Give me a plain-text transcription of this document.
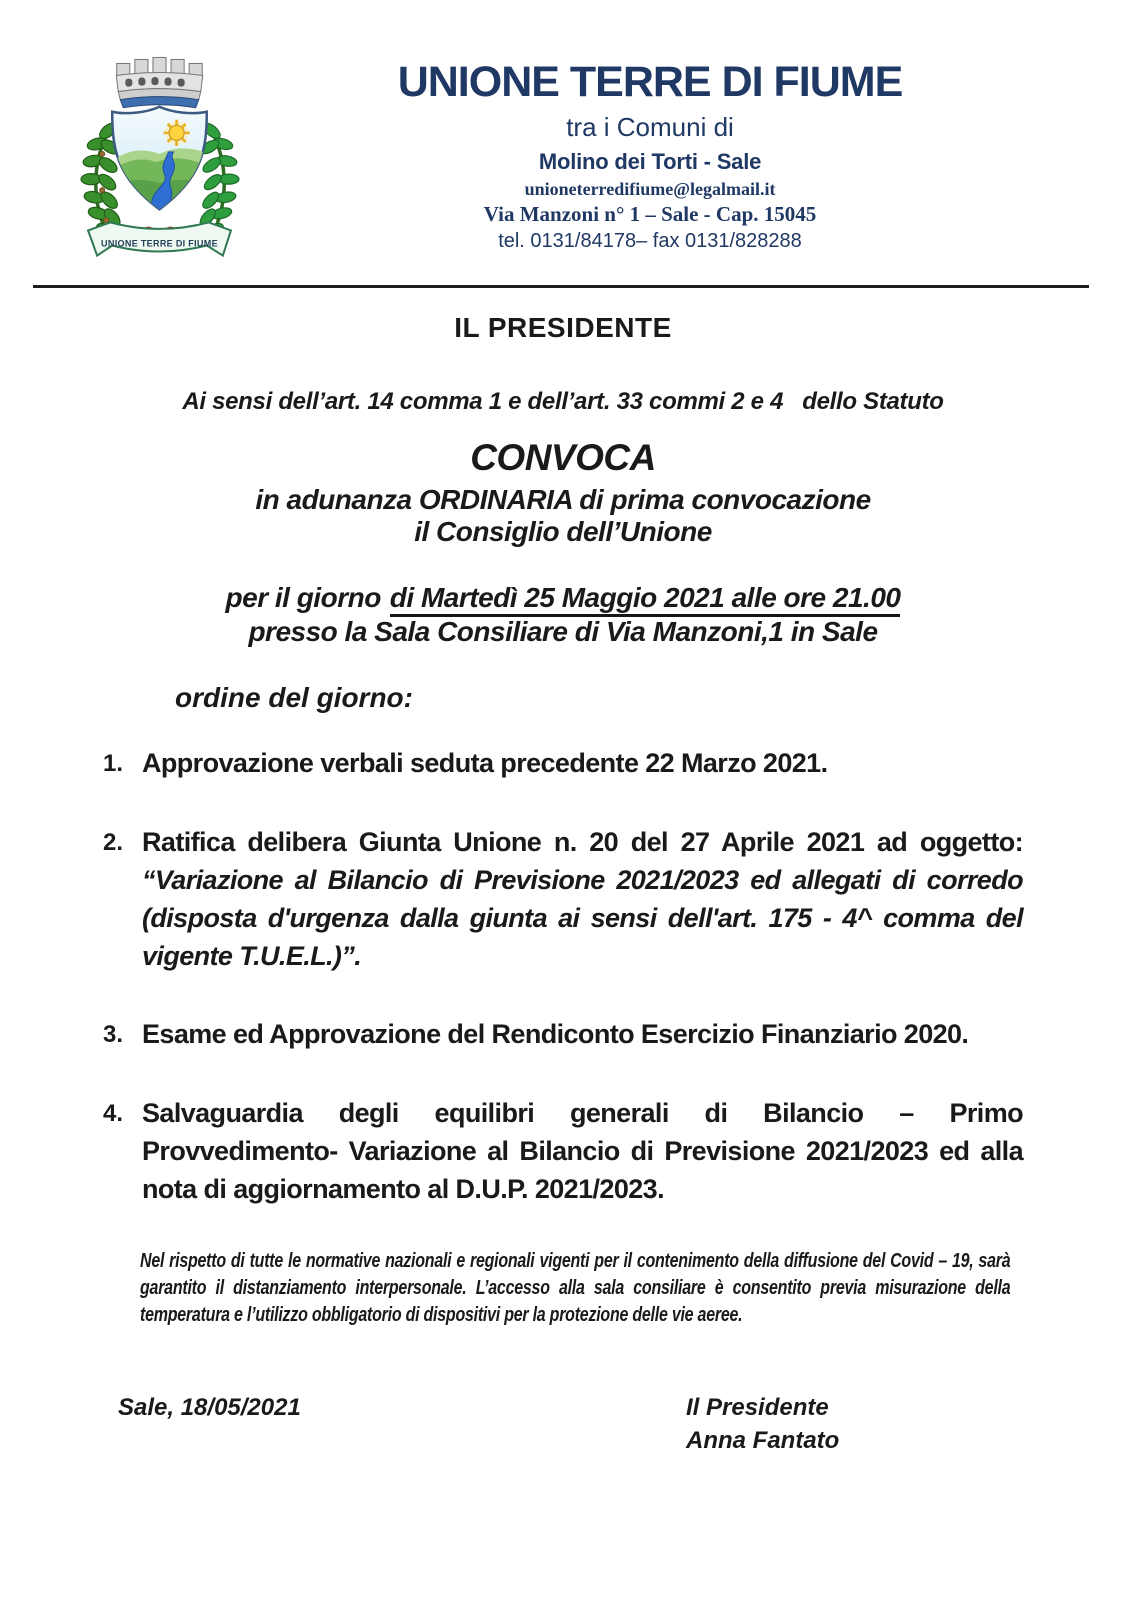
UNIONE TERRE DI FIUME
UNIONE TERRE DI FIUME
tra i Comuni di
Molino dei Torti - Sale
unioneterredifiume@legalmail.it
Via Manzoni n° 1 – Sale - Cap. 15045
tel. 0131/84178– fax 0131/828288
IL PRESIDENTE
Ai sensi dell’art. 14 comma 1 e dell’art. 33 commi 2 e 4   dello Statuto
CONVOCA
in adunanza ORDINARIA di prima convocazione
il Consiglio dell’Unione
per il giorno di Martedì 25 Maggio 2021 alle ore 21.00
presso la Sala Consiliare di Via Manzoni,1 in Sale
ordine del giorno:
1. Approvazione verbali seduta precedente 22 Marzo 2021.
2. Ratifica delibera Giunta Unione n. 20 del 27 Aprile 2021 ad oggetto: “Variazione al Bilancio di Previsione 2021/2023 ed allegati di corredo (disposta d'urgenza dalla giunta ai sensi dell'art. 175 - 4^ comma del vigente T.U.E.L.)”.
3. Esame ed Approvazione del Rendiconto Esercizio Finanziario 2020.
4. Salvaguardia degli equilibri generali di Bilancio – Primo Provvedimento- Variazione al Bilancio di Previsione 2021/2023 ed alla nota di aggiornamento al D.U.P. 2021/2023.
Nel rispetto di tutte le normative nazionali e regionali vigenti per il contenimento della diffusione del Covid – 19, sarà garantito il distanziamento interpersonale. L’accesso alla sala consiliare è consentito previa misurazione della temperatura e l’utilizzo obbligatorio di dispositivi per la protezione delle vie aeree.
Sale, 18/05/2021	Il Presidente
Anna Fantato
